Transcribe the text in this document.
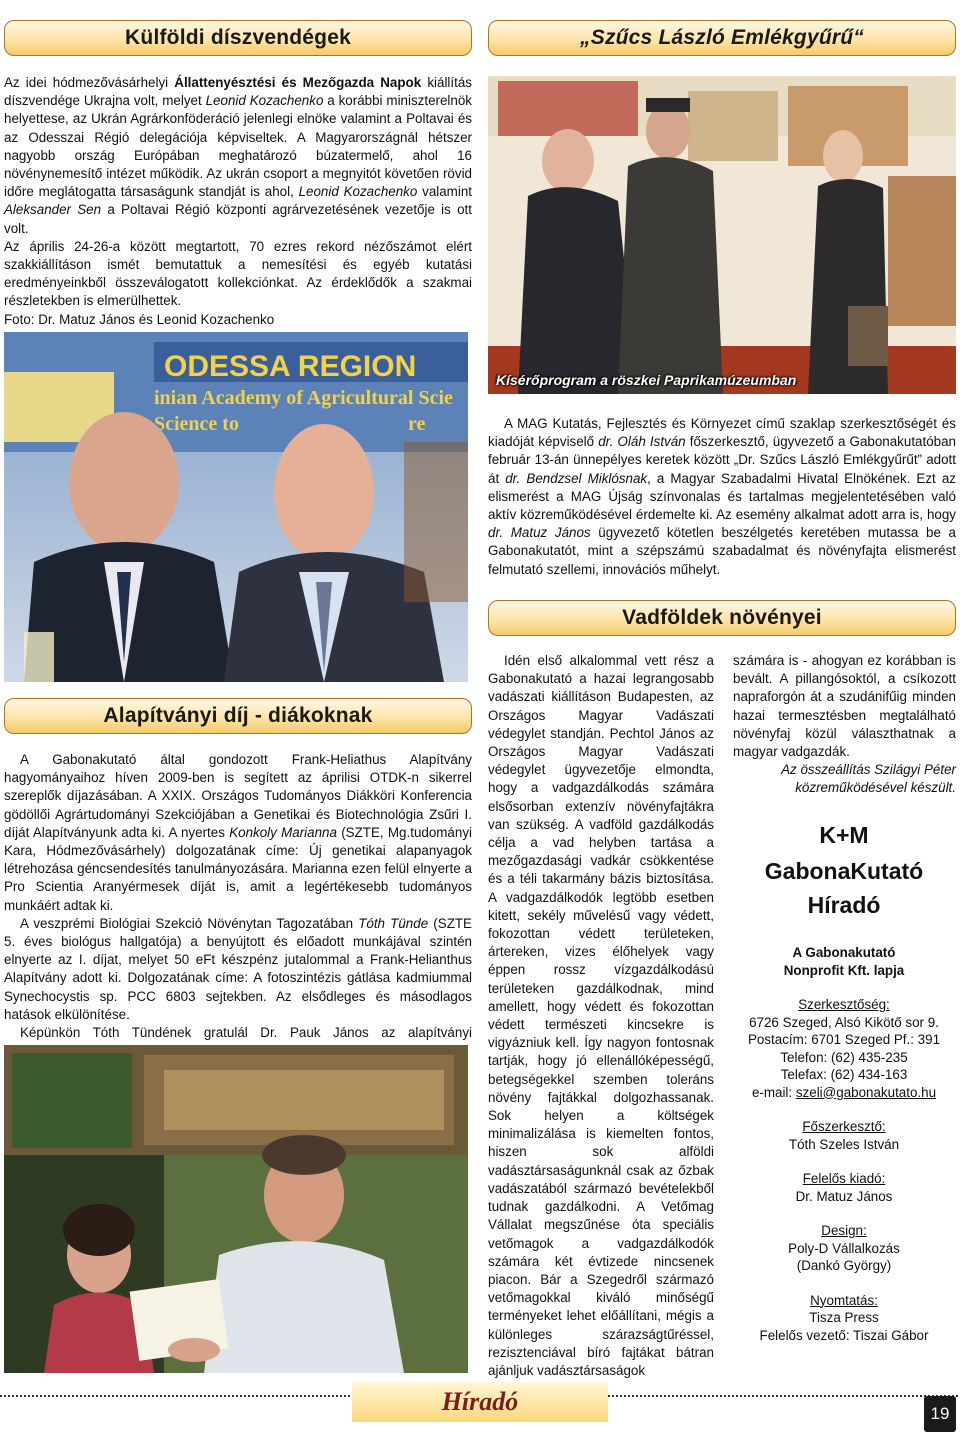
Külföldi díszvendégek

Az idei hódmezővásárhelyi Állattenyésztési és Mezőgazda Napok kiállítás díszvendége Ukrajna volt, melyet Leonid Kozachenko a korábbi miniszterelnök helyettese, az Ukrán Agrárkonföderáció jelenlegi elnöke valamint a Poltavai és az Odesszai Régió delegációja képviseltek. A Magyarországnál hétszer nagyobb ország Európában meghatározó búzatermelő, ahol 16 növénynemesítő intézet működik. Az ukrán csoport a megnyitót követően rövid időre meglátogatta társaságunk standját is ahol, Leonid Kozachenko valamint Aleksander Sen a Poltavai Régió központi agrárvezetésének vezetője is ott volt.

Az április 24-26-a között megtartott, 70 ezres rekord nézőszámot elért szakkiállításon ismét bemutattuk a nemesítési és egyéb kutatási eredményeinkből összeválogatott kollekciónkat. Az érdeklődők a szakmai részletekben is elmerülhettek.

Foto: Dr. Matuz János és Leonid Kozachenko

ODESSA REGION
inian Academy of Agricultural Scie
Science to	re
„Szűcs László Emlékgyűrű“
Kísérőprogram a röszkei Paprikamúzeumban

A MAG Kutatás, Fejlesztés és Környezet című szaklap szerkesztőségét és kiadóját képviselő dr. Oláh István főszerkesztő, ügyvezető a Gabonakutatóban február 13-án ünnepélyes keretek között „Dr. Szűcs László Emlékgyűrűt” adott át dr. Bendzsel Miklósnak, a Magyar Szabadalmi Hivatal Elnökének. Ezt az elismerést a MAG Újság színvonalas és tartalmas megjelentetésében való aktív közreműködésével érdemelte ki. Az esemény alkalmat adott arra is, hogy dr. Matuz János ügyvezető kötetlen beszélgetés keretében mutassa be a Gabonakutatót, mint a szépszámú szabadalmat és növényfajta elismerést felmutató szellemi, innovációs műhelyt.

Vadföldek növényei

Idén első alkalommal vett rész a Gabonakutató a hazai legrangosabb vadászati kiállításon Budapesten, az Országos Magyar Vadászati védegylet standján. Pechtol János az Országos Magyar Vadászati védegylet ügyvezetője elmondta, hogy a vadgazdálkodás számára elsősorban extenzív növényfajtákra van szükség. A vadföld gazdálkodás célja a vad helyben tartása a mezőgazdasági vadkár csökkentése és a téli takarmány bázis biztosítása. A vadgazdálkodók legtöbb esetben kitett, sekély művelésű vagy védett, fokozottan védett területeken, ártereken, vizes élőhelyek vagy éppen rossz vízgazdálkodású területeken gazdálkodnak, mind amellett, hogy védett és fokozottan védett természeti kincsekre is vigyázniuk kell. Így nagyon fontosnak tartják, hogy jó ellenállóképességű, betegségekkel szemben toleráns növény fajtákkal dolgozhassanak. Sok helyen a költségek minimalizálása is kiemelten fontos, hiszen sok alföldi vadásztársaságunknál csak az őzbak vadászatából származó bevételekből tudnak gazdálkodni. A Vetőmag Vállalat megszűnése óta speciális vetőmagok a vadgazdálkodók számára két évtizede nincsenek piacon. Bár a Szegedről származó vetőmagokkal kiváló minőségű terményeket lehet előállítani, mégis a különleges szárazságtűréssel, rezisztenciával bíró fajtákat bátran ajánljuk vadásztársaságok

számára is - ahogyan ez korábban is bevált. A pillangósoktól, a csíkozott napraforgón át a szudánifűig minden hazai termesztésben megtalálható növényfaj közül választhatnak a magyar vadgazdák.

Az összeállítás Szilágyi Péter
közreműködésével készült.

Alapítványi díj - diákoknak

A Gabonakutató által gondozott Frank-Heliathus Alapítvány hagyományaihoz híven 2009-ben is segített az áprilisi OTDK-n sikerrel szereplők díjazásában. A XXIX. Országos Tudományos Diákköri Konferencia gödöllői Agrártudományi Szekciójában a Genetikai és Biotechnológia Zsűri I. díját Alapítványunk adta ki. A nyertes Konkoly Marianna (SZTE, Mg.tudományi Kara, Hódmezővásárhely) dolgozatának címe: Új genetikai alapanyagok létrehozása géncsendesítés tanulmányozására. Marianna ezen felül elnyerte a Pro Scientia Aranyérmesek díját is, amit a legértékesebb tudományos munkáért adtak ki.

A veszprémi Biológiai Szekció Növénytan Tagozatában Tóth Tünde (SZTE 5. éves biológus hallgatója) a benyújtott és előadott munkájával szintén elnyerte az I. díjat, melyet 50 eFt készpénz jutalommal a Frank-Helianthus Alapítvány adott ki. Dolgozatának címe: A fotoszintézis gátlása kadmiummal Synechocystis sp. PCC 6803 sejtekben. Az elsődleges és másodlagos hatások elkülönítése.

Képünkön Tóth Tündének gratulál Dr. Pauk János az alapítványi

K+M
GabonaKutató
Híradó
A Gabonakutató
Nonprofit Kft. lapja
Szerkesztőség:
6726 Szeged, Alsó Kikötő sor 9.
Postacím: 6701 Szeged Pf.: 391
Telefon: (62) 435-235
Telefax: (62) 434-163
e-mail: szeli@gabonakutato.hu
Főszerkesztő:
Tóth Szeles István
Felelős kiadó:
Dr. Matuz János
Design:
Poly-D Vállalkozás
(Dankó György)
Nyomtatás:
Tisza Press
Felelős vezető: Tiszai Gábor
Híradó	19
